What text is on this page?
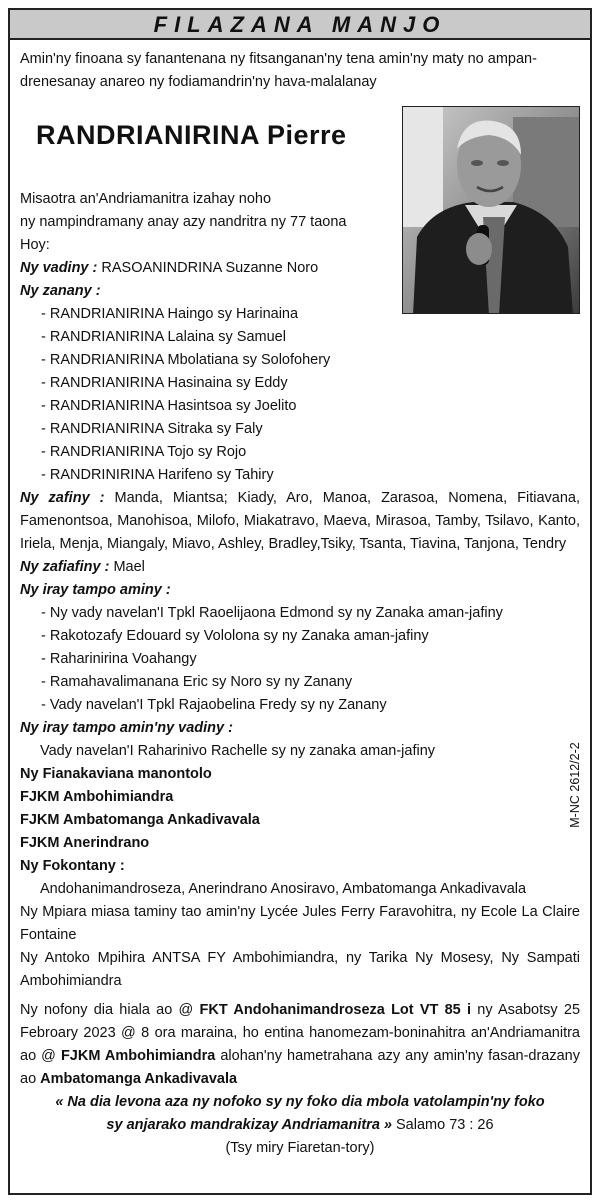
FILAZANA MANJO
Amin'ny finoana sy fanantenana ny fitsanganan'ny tena amin'ny maty no ampan-drenesanay anareo ny fodiamandrin'ny hava-malalanay
RANDRIANIRINA Pierre
Misaotra an'Andriamanitra izahay noho
ny nampindramany anay azy nandritra ny 77 taona
Hoy:
Ny vadiny : RASOANINDRINA Suzanne Noro
Ny zanany :
- RANDRIANIRINA Haingo sy Harinaina
- RANDRIANIRINA Lalaina sy Samuel
- RANDRIANIRINA Mbolatiana sy Solofohery
- RANDRIANIRINA Hasinaina sy Eddy
- RANDRIANIRINA Hasintsoa sy Joelito
- RANDRIANIRINA Sitraka sy Faly
- RANDRIANIRINA Tojo sy Rojo
- RANDRINIRINA Harifeno sy Tahiry
Ny zafiny : Manda, Miantsa; Kiady, Aro, Manoa, Zarasoa, Nomena, Fitiavana, Famenontsoa, Manohisoa, Milofo, Miakatravo, Maeva, Mirasoa, Tamby, Tsilavo, Kanto, Iriela, Menja, Miangaly, Miavo, Ashley, Bradley,Tsiky, Tsanta, Tiavina, Tanjona, Tendry
Ny zafiafiny : Mael
Ny iray tampo aminy :
- Ny vady navelan'I Tpkl Raoelijaona Edmond sy ny Zanaka aman-jafiny
- Rakotozafy Edouard sy Vololona sy ny Zanaka aman-jafiny
- Raharinirina Voahangy
- Ramahavalimanana Eric sy Noro sy ny Zanany
- Vady navelan'I Tpkl Rajaobelina Fredy sy ny Zanany
Ny iray tampo amin'ny vadiny :
Vady navelan'I Raharinivo Rachelle sy ny zanaka aman-jafiny
Ny Fianakaviana manontolo
FJKM Ambohimiandra
FJKM Ambatomanga Ankadivavala
FJKM Anerindrano
Ny Fokontany :
Andohanimandroseza, Anerindrano Anosiravo, Ambatomanga Ankadivavala
Ny Mpiara miasa taminy tao amin'ny Lycée Jules Ferry Faravohitra, ny Ecole La Claire Fontaine
Ny Antoko Mpihira ANTSA FY Ambohimiandra, ny Tarika Ny Mosesy, Ny Sampati Ambohimiandra
Ny nofony dia hiala ao @ FKT Andohanimandroseza Lot VT 85 i ny Asabotsy 25 Febroary 2023 @ 8 ora maraina, ho entina hanomezam-boninahitra an'Andriamanitra ao @ FJKM Ambohimiandra alohan'ny hametrahana azy any amin'ny fasan-drazany ao Ambatomanga Ankadivavala
« Na dia levona aza ny nofoko sy ny foko dia mbola vatolampin'ny foko
sy anjarako mandrakizay Andriamanitra » Salamo 73 : 26
(Tsy miry Fiaretan-tory)
M-NC 2612/2-2
